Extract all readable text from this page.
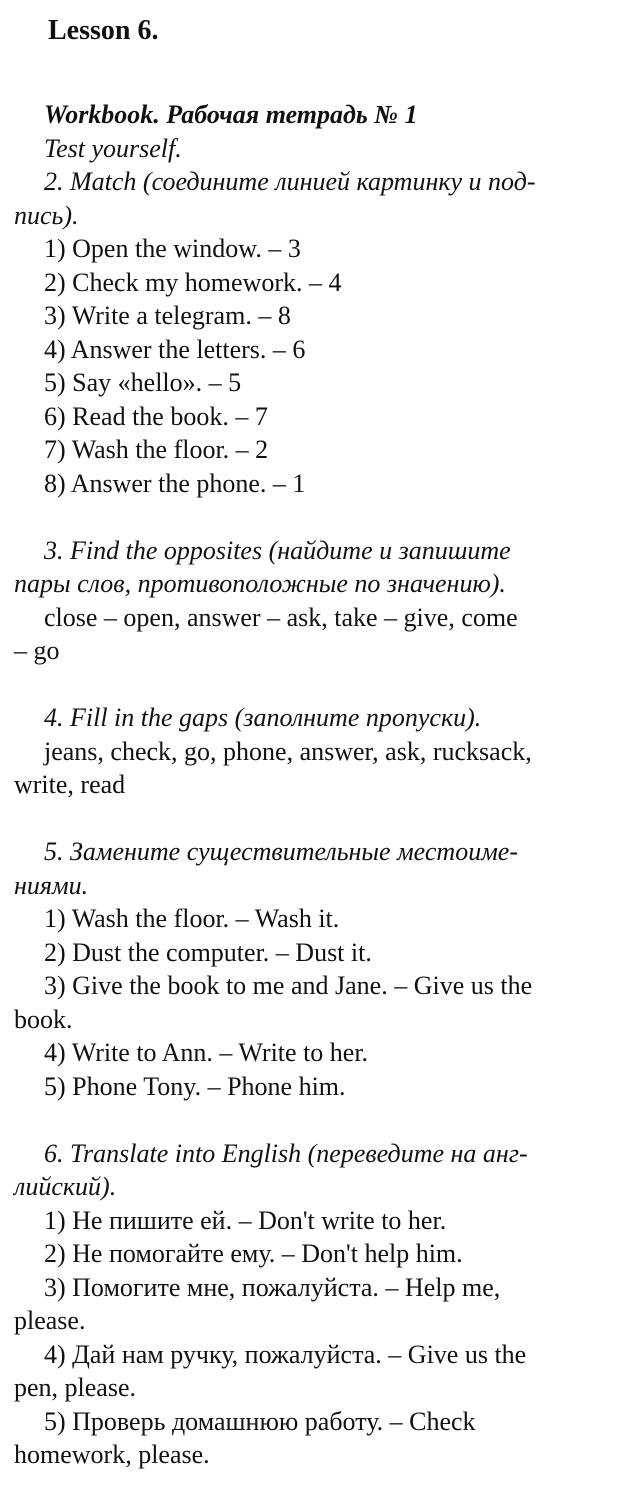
Lesson 6.
Workbook. Рабочая тетрадь № 1
Test yourself.
2. Match (соедините линией картинку и под-
пись).
1) Open the window. – 3
2) Check my homework. – 4
3) Write a telegram. – 8
4) Answer the letters. – 6
5) Say «hello». – 5
6) Read the book. – 7
7) Wash the floor. – 2
8) Answer the phone. – 1
3. Find the opposites (найдите и запишите
пары слов, противоположные по значению).
close – open, answer – ask, take – give, come
– go
4. Fill in the gaps (заполните пропуски).
jeans, check, go, phone, answer, ask, rucksack,
write, read
5. Замените существительные местоиме-
ниями.
1) Wash the floor. – Wash it.
2) Dust the computer. – Dust it.
3) Give the book to me and Jane. – Give us the
book.
4) Write to Ann. – Write to her.
5) Phone Tony. – Phone him.
6. Translate into English (переведите на анг-
лийский).
1) Не пишите ей. – Don't write to her.
2) Не помогайте ему. – Don't help him.
3) Помогите мне, пожалуйста. – Help me,
please.
4) Дай нам ручку, пожалуйста. – Give us the
pen, please.
5) Проверь домашнюю работу. – Check
homework, please.
